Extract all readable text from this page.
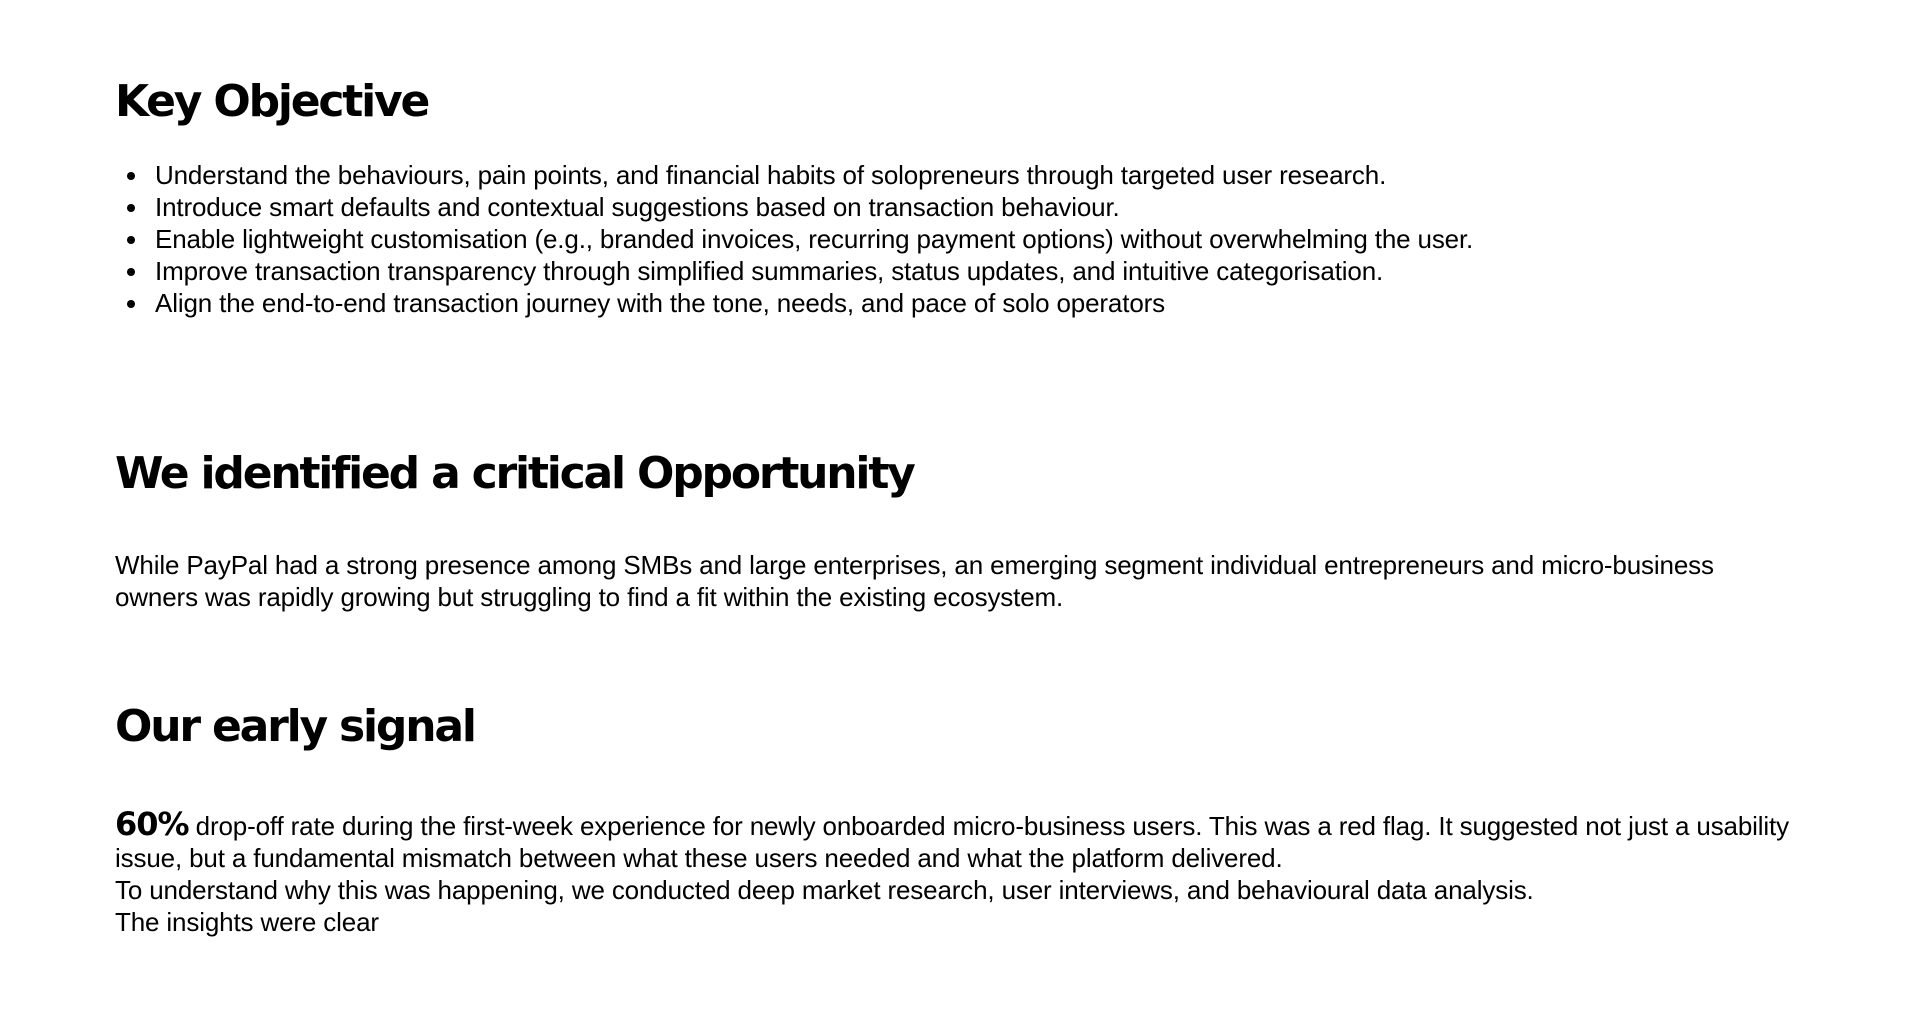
Key Objective
Understand the behaviours, pain points, and financial habits of solopreneurs through targeted user research.
Introduce smart defaults and contextual suggestions based on transaction behaviour.
Enable lightweight customisation (e.g., branded invoices, recurring payment options) without overwhelming the user.
Improve transaction transparency through simplified summaries, status updates, and intuitive categorisation.
Align the end-to-end transaction journey with the tone, needs, and pace of solo operators
We identified a critical Opportunity

While PayPal had a strong presence among SMBs and large enterprises, an emerging segment individual entrepreneurs and micro-business owners was rapidly growing but struggling to find a fit within the existing ecosystem.

Our early signal
60% drop-off rate during the first-week experience for newly onboarded micro-business users. This was a red flag. It suggested not just a usability issue, but a fundamental mismatch between what these users needed and what the platform delivered.
To understand why this was happening, we conducted deep market research, user interviews, and behavioural data analysis.
The insights were clear
